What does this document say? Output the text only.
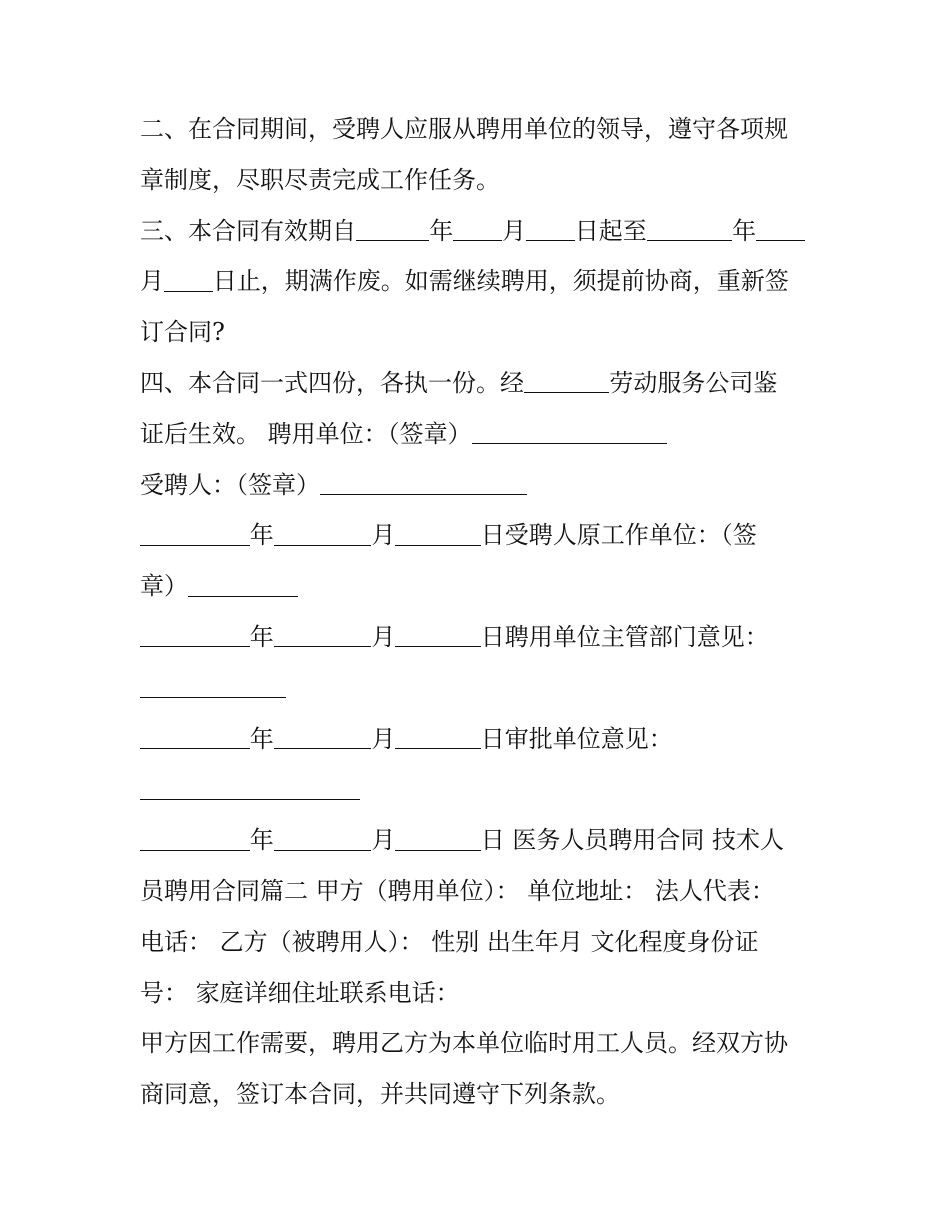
二、在合同期间，受聘人应服从聘用单位的领导，遵守各项规
章制度，尽职尽责完成工作任务。
三、本合同有效期自	年 月 日起至	年
月 日止，期满作废。如需继续聘用，须提前协商，重新签
订合同?
四、本合同一式四份，各执一份。经	劳动服务公司鉴
证后生效。 聘用单位：（签章）
受聘人：（签章）
年	月	日受聘人原工作单位：（签
章）
年	月	日聘用单位主管部门意见：
年	月	日审批单位意见：
年	月	日 医务人员聘用合同 技术人
员聘用合同篇二 甲方（聘用单位）： 单位地址： 法人代表：
电话： 乙方（被聘用人）： 性别 出生年月 文化程度身份证
号： 家庭详细住址联系电话：
甲方因工作需要，聘用乙方为本单位临时用工人员。经双方协
商同意，签订本合同，并共同遵守下列条款。
